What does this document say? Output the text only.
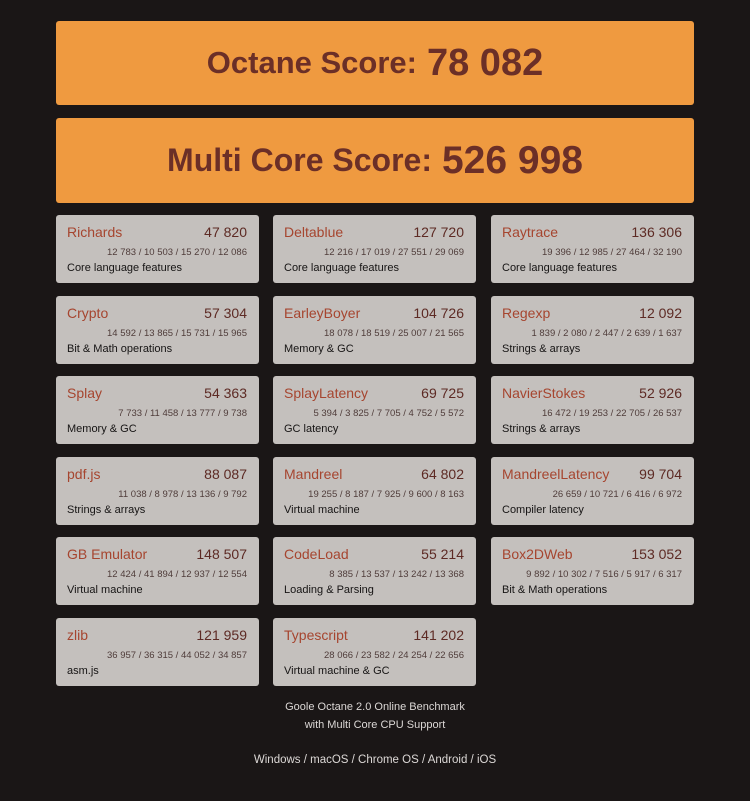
Octane Score: 78 082
Multi Core Score: 526 998
Richards	47 820
12 783 / 10 503 / 15 270 / 12 086
Core language features
Deltablue	127 720
12 216 / 17 019 / 27 551 / 29 069
Core language features
Raytrace	136 306
19 396 / 12 985 / 27 464 / 32 190
Core language features
Crypto	57 304
14 592 / 13 865 / 15 731 / 15 965
Bit & Math operations
EarleyBoyer	104 726
18 078 / 18 519 / 25 007 / 21 565
Memory & GC
Regexp	12 092
1 839 / 2 080 / 2 447 / 2 639 / 1 637
Strings & arrays
Splay	54 363
7 733 / 11 458 / 13 777 / 9 738
Memory & GC
SplayLatency	69 725
5 394 / 3 825 / 7 705 / 4 752 / 5 572
GC latency
NavierStokes	52 926
16 472 / 19 253 / 22 705 / 26 537
Strings & arrays
pdf.js	88 087
11 038 / 8 978 / 13 136 / 9 792
Strings & arrays
Mandreel	64 802
19 255 / 8 187 / 7 925 / 9 600 / 8 163
Virtual machine
MandreelLatency 99 704
26 659 / 10 721 / 6 416 / 6 972
Compiler latency
GB Emulator	148 507
12 424 / 41 894 / 12 937 / 12 554
Virtual machine
CodeLoad	55 214
8 385 / 13 537 / 13 242 / 13 368
Loading & Parsing
Box2DWeb	153 052
9 892 / 10 302 / 7 516 / 5 917 / 6 317
Bit & Math operations
zlib	121 959
36 957 / 36 315 / 44 052 / 34 857
asm.js
Typescript	141 202
28 066 / 23 582 / 24 254 / 22 656
Virtual machine & GC
Goole Octane 2.0 Online Benchmark
with Multi Core CPU Support
Windows / macOS / Chrome OS / Android / iOS
